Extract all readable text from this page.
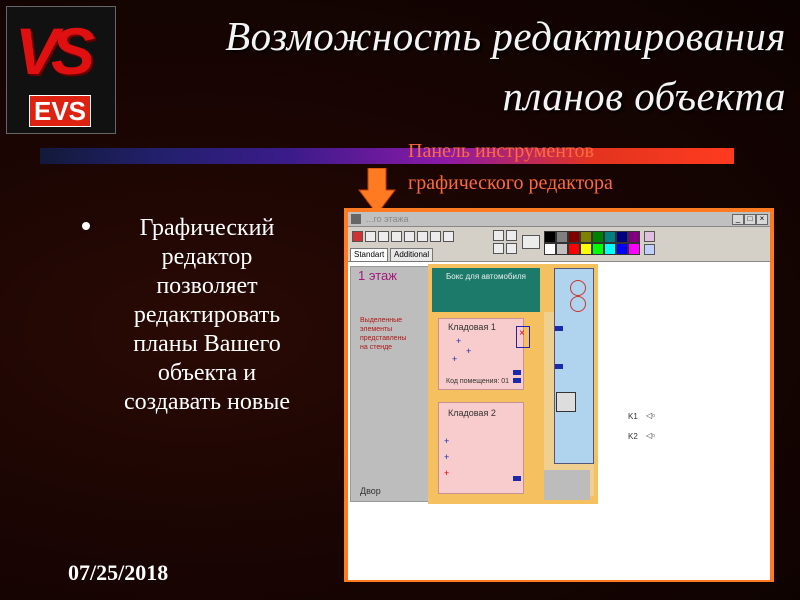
VS
EVS
Возможность редактирования
планов объекта
Панель инструментов
графического редактора

Графический

редактор

позволяет

редактировать

планы Вашего

объекта и

создавать новые

07/25/2018
...го этажа	_ □ ×
Standart	Additional
1 этаж
Выделенные
элементы
представлены
на стенде
Двор
Бокс для автомобиля
Кладовая 1
Код помещения: 01
×
Кладовая 2
+
+
+
+
+
+
K1 ◁▫
K2 ◁▫
